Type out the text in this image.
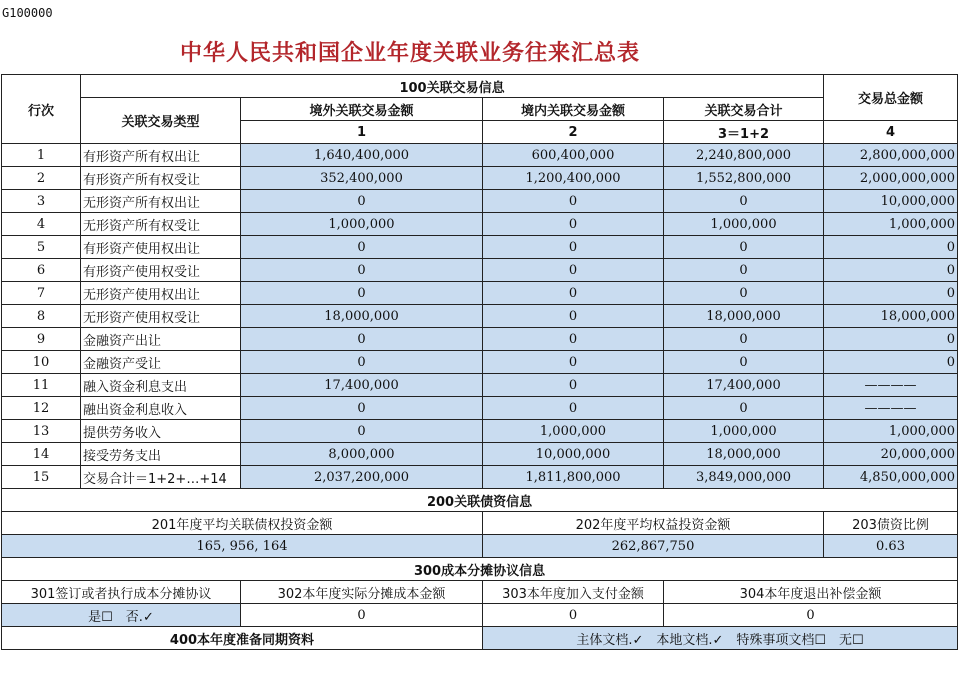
G100000
中华人民共和国企业年度关联业务往来汇总表
行次	100关联交易信息				交易总金额
	关联交易类型	境外关联交易金额	境内关联交易金额	关联交易合计	
		1	2	3＝1+2	4
1	有形资产所有权出让	1,640,400,000	600,400,000	2,240,800,000	2,800,000,000
2	有形资产所有权受让	352,400,000	1,200,400,000	1,552,800,000	2,000,000,000
3	无形资产所有权出让	0	0	0	10,000,000
4	无形资产所有权受让	1,000,000	0	1,000,000	1,000,000
5	有形资产使用权出让	0	0	0	0
6	有形资产使用权受让	0	0	0	0
7	无形资产使用权出让	0	0	0	0
8	无形资产使用权受让	18,000,000	0	18,000,000	18,000,000
9	金融资产出让	0	0	0	0
10	金融资产受让	0	0	0	0
11	融入资金利息支出	17,400,000	0	17,400,000	————
12	融出资金利息收入	0	0	0	————
13	提供劳务收入	0	1,000,000	1,000,000	1,000,000
14	接受劳务支出	8,000,000	10,000,000	18,000,000	20,000,000
15	交易合计＝1+2+…+14	2,037,200,000	1,811,800,000	3,849,000,000	4,850,000,000
200关联债资信息					
201年度平均关联债权投资金额			202年度平均权益投资金额		203债资比例
165, 956, 164			262,867,750		0.63
300成本分摊协议信息					
301签订或者执行成本分摊协议		302本年度实际分摊成本金额	303本年度加入支付金额	304本年度退出补偿金额	
是☐　否.✓		0	0	0	
400本年度准备同期资料			主体文档.✓　本地文档.✓　特殊事项文档☐　无☐		
